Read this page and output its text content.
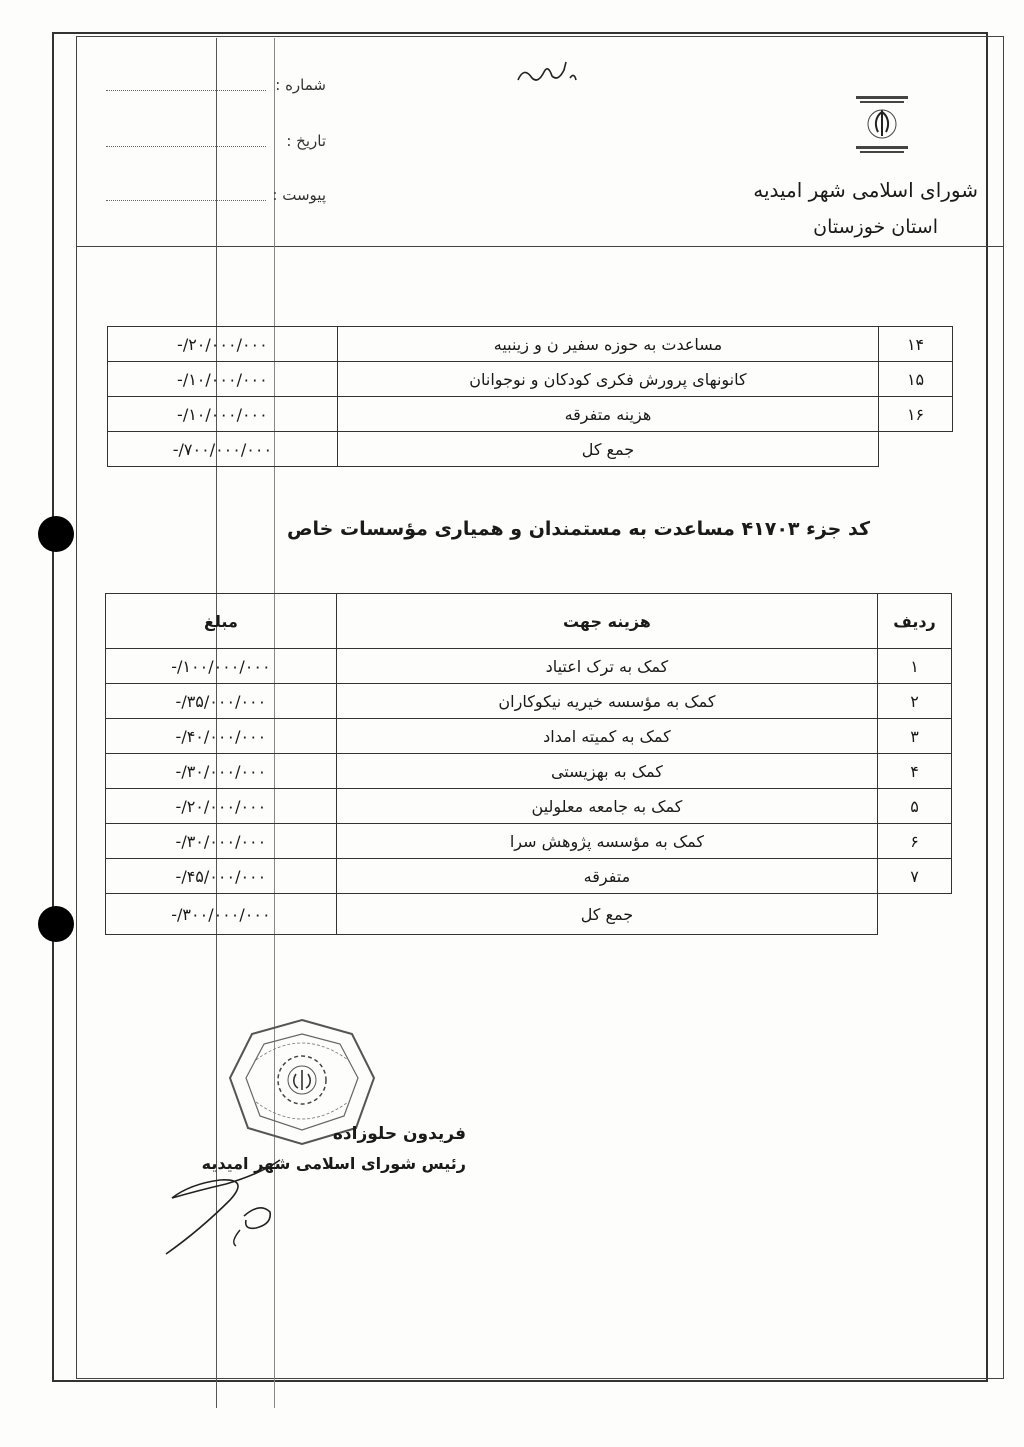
شورای اسلامی شهر امیدیه
استان خوزستان
شماره :
تاریخ :
پیوست :
۱۴	مساعدت به حوزه سفیر ن و زینبیه	-/۲۰/۰۰۰/۰۰۰
۱۵	کانونهای پرورش فکری کودکان و نوجوانان	-/۱۰/۰۰۰/۰۰۰
۱۶	هزینه متفرقه	-/۱۰/۰۰۰/۰۰۰
	جمع کل	-/۷۰۰/۰۰۰/۰۰۰
کد جزء ۴۱۷۰۳ مساعدت به مستمندان و همیاری مؤسسات خاص
ردیف	هزینه جهت	مبلغ
۱	کمک به ترک اعتیاد	-/۱۰۰/۰۰۰/۰۰۰
۲	کمک به مؤسسه خیریه نیکوکاران	-/۳۵/۰۰۰/۰۰۰
۳	کمک به کمیته امداد	-/۴۰/۰۰۰/۰۰۰
۴	کمک به بهزیستی	-/۳۰/۰۰۰/۰۰۰
۵	کمک به جامعه معلولین	-/۲۰/۰۰۰/۰۰۰
۶	کمک به مؤسسه پژوهش سرا	-/۳۰/۰۰۰/۰۰۰
۷	متفرقه	-/۴۵/۰۰۰/۰۰۰
	جمع کل	-/۳۰۰/۰۰۰/۰۰۰
فریدون حلوزاده
رئیس شورای اسلامی شهر امیدیه
